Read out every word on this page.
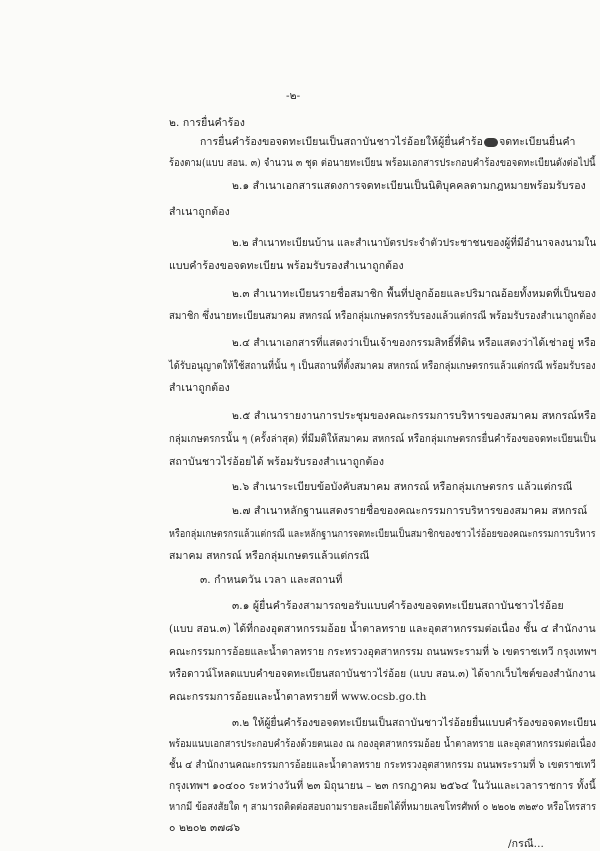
-๒-
๒. การยื่นคำร้อง
การยื่นคำร้องขอจดทะเบียนเป็นสถาบันชาวไร่อ้อยให้ผู้ยื่นคำร้อ จดทะเบียนยื่นคำ
ร้องตาม(แบบ สอน. ๓) จำนวน ๓ ชุด ต่อนายทะเบียน พร้อมเอกสารประกอบคำร้องขอจดทะเบียนดังต่อไปนี้
๒.๑ สำเนาเอกสารแสดงการจดทะเบียนเป็นนิติบุคคลตามกฎหมายพร้อมรับรอง
สำเนาถูกต้อง
๒.๒ สำเนาทะเบียนบ้าน และสำเนาบัตรประจำตัวประชาชนของผู้ที่มีอำนาจลงนามใน
แบบคำร้องขอจดทะเบียน พร้อมรับรองสำเนาถูกต้อง
๒.๓ สำเนาทะเบียนรายชื่อสมาชิก พื้นที่ปลูกอ้อยและปริมาณอ้อยทั้งหมดที่เป็นของ
สมาชิก ซึ่งนายทะเบียนสมาคม สหกรณ์ หรือกลุ่มเกษตรกรรับรองแล้วแต่กรณี พร้อมรับรองสำเนาถูกต้อง
๒.๔ สำเนาเอกสารที่แสดงว่าเป็นเจ้าของกรรมสิทธิ์ที่ดิน หรือแสดงว่าได้เช่าอยู่ หรือ
ได้รับอนุญาตให้ใช้สถานที่นั้น ๆ เป็นสถานที่ตั้งสมาคม สหกรณ์ หรือกลุ่มเกษตรกรแล้วแต่กรณี พร้อมรับรอง
สำเนาถูกต้อง
๒.๕ สำเนารายงานการประชุมของคณะกรรมการบริหารของสมาคม สหกรณ์หรือ
กลุ่มเกษตรกรนั้น ๆ (ครั้งล่าสุด) ที่มีมติให้สมาคม สหกรณ์ หรือกลุ่มเกษตรกรยื่นคำร้องขอจดทะเบียนเป็น
สถาบันชาวไร่อ้อยได้ พร้อมรับรองสำเนาถูกต้อง
๒.๖ สำเนาระเบียบข้อบังคับสมาคม สหกรณ์ หรือกลุ่มเกษตรกร แล้วแต่กรณี
๒.๗ สำเนาหลักฐานแสดงรายชื่อของคณะกรรมการบริหารของสมาคม สหกรณ์
หรือกลุ่มเกษตรกรแล้วแต่กรณี และหลักฐานการจดทะเบียนเป็นสมาชิกของชาวไร่อ้อยของคณะกรรมการบริหาร
สมาคม สหกรณ์ หรือกลุ่มเกษตรแล้วแต่กรณี
๓. กำหนดวัน เวลา และสถานที่
๓.๑ ผู้ยื่นคำร้องสามารถขอรับแบบคำร้องขอจดทะเบียนสถาบันชาวไร่อ้อย
(แบบ สอน.๓) ได้ที่กองอุตสาหกรรมอ้อย น้ำตาลทราย และอุตสาหกรรมต่อเนื่อง ชั้น ๔ สำนักงาน
คณะกรรมการอ้อยและน้ำตาลทราย กระทรวงอุตสาหกรรม ถนนพระรามที่ ๖ เขตราชเทวี กรุงเทพฯ
หรือดาวน์โหลดแบบคำขอจดทะเบียนสถาบันชาวไร่อ้อย (แบบ สอน.๓) ได้จากเว็บไซต์ของสำนักงาน
คณะกรรมการอ้อยและน้ำตาลทรายที่ www.ocsb.go.th
๓.๒ ให้ผู้ยื่นคำร้องขอจดทะเบียนเป็นสถาบันชาวไร่อ้อยยื่นแบบคำร้องขอจดทะเบียน
พร้อมแนบเอกสารประกอบคำร้องด้วยตนเอง ณ กองอุตสาหกรรมอ้อย น้ำตาลทราย และอุตสาหกรรมต่อเนื่อง
ชั้น ๔ สำนักงานคณะกรรมการอ้อยและน้ำตาลทราย กระทรวงอุตสาหกรรม ถนนพระรามที่ ๖ เขตราชเทวี
กรุงเทพฯ ๑๐๔๐๐ ระหว่างวันที่ ๒๓ มิถุนายน – ๒๓ กรกฎาคม ๒๕๖๔ ในวันและเวลาราชการ ทั้งนี้
หากมี ข้อสงสัยใด ๆ สามารถติดต่อสอบถามรายละเอียดได้ที่หมายเลขโทรศัพท์ ๐ ๒๒๐๒ ๓๒๙๐ หรือโทรสาร
๐ ๒๒๐๒ ๓๗๘๖
/กรณี...
